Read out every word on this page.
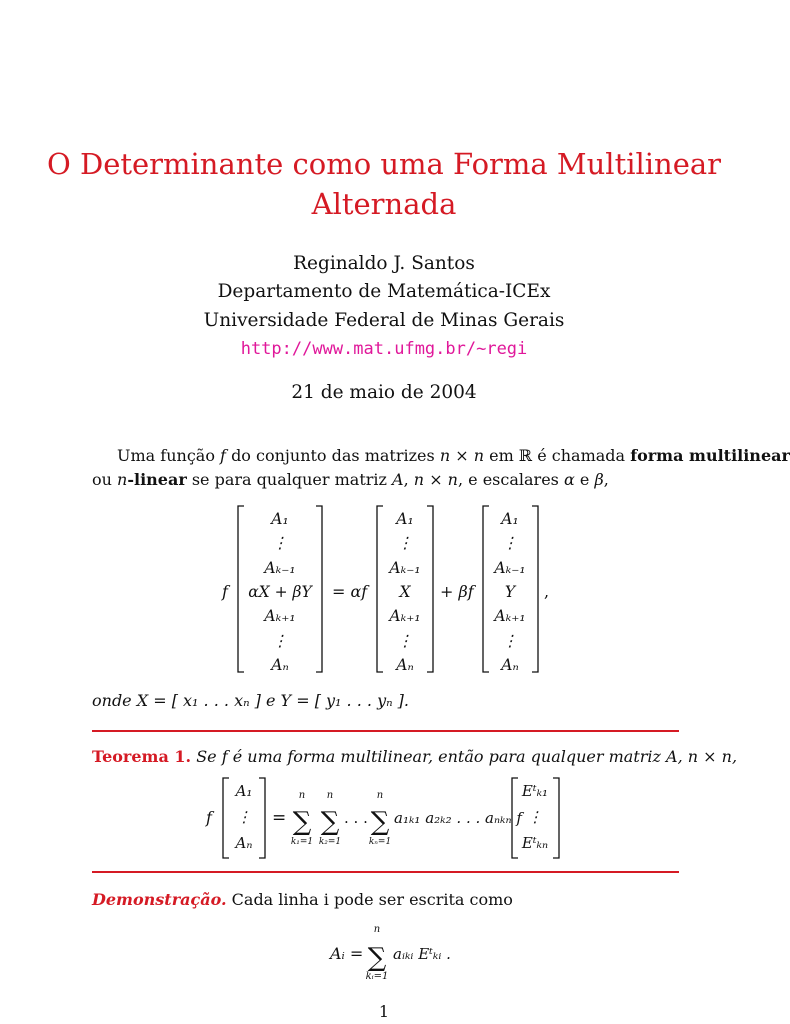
O Determinante como uma Forma Multilinear
Alternada
Reginaldo J. Santos
Departamento de Matemática-ICEx
Universidade Federal de Minas Gerais
http://www.mat.ufmg.br/~regi
21 de maio de 2004
Uma função f do conjunto das matrizes n × n em ℝ é chamada forma multilinear
ou n-linear se para qualquer matriz A, n × n, e escalares α e β,
f
A₁
⋮
Aₖ₋₁
αX + βY
Aₖ₊₁
⋮
Aₙ
= αf
A₁
⋮
Aₖ₋₁
X
Aₖ₊₁
⋮
Aₙ
+ βf
A₁
⋮
Aₖ₋₁
Y
Aₖ₊₁
⋮
Aₙ
,
onde X = [ x₁ . . . xₙ ] e Y = [ y₁ . . . yₙ ].
Teorema 1. Se f é uma forma multilinear, então para qualquer matriz A, n × n,
f
A₁
⋮
Aₙ
=
n
∑
k₁=1
n
∑
k₂=1
n
∑
kₙ=1
. . . a₁ₖ₁ a₂ₖ₂ . . . aₙₖₙ f
Eᵗₖ₁
⋮
Eᵗₖₙ
Demonstração. Cada linha i pode ser escrita como
Aᵢ =
n
∑
kᵢ=1
aᵢₖᵢ Eᵗₖᵢ .
1
